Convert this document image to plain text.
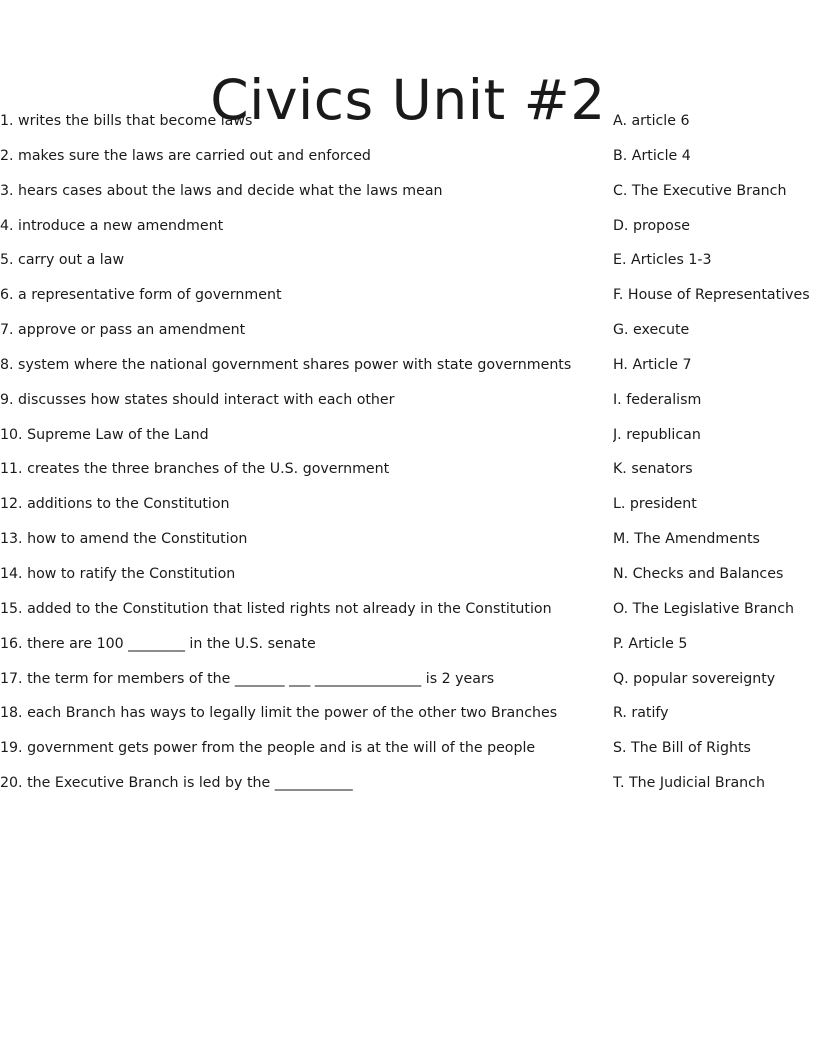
Civics Unit #2
1. writes the bills that become laws
2. makes sure the laws are carried out and enforced
3. hears cases about the laws and decide what the laws mean
4. introduce a new amendment
5. carry out a law
6. a representative form of government
7. approve or pass an amendment
8. system where the national government shares power with state governments
9. discusses how states should interact with each other
10. Supreme Law of the Land
11. creates the three branches of the U.S. government
12. additions to the Constitution
13. how to amend the Constitution
14. how to ratify the Constitution
15. added to the Constitution that listed rights not already in the Constitution
16. there are 100 ________ in the U.S. senate
17. the term for members of the _______ ___ _______________ is 2 years
18. each Branch has ways to legally limit the power of the other two Branches
19. government gets power from the people and is at the will of the people
20. the Executive Branch is led by the ___________
A. article 6
B. Article 4
C. The Executive Branch
D. propose
E. Articles 1-3
F. House of Representatives
G. execute
H. Article 7
I. federalism
J. republican
K. senators
L. president
M. The Amendments
N. Checks and Balances
O. The Legislative Branch
P. Article 5
Q. popular sovereignty
R. ratify
S. The Bill of Rights
T. The Judicial Branch
